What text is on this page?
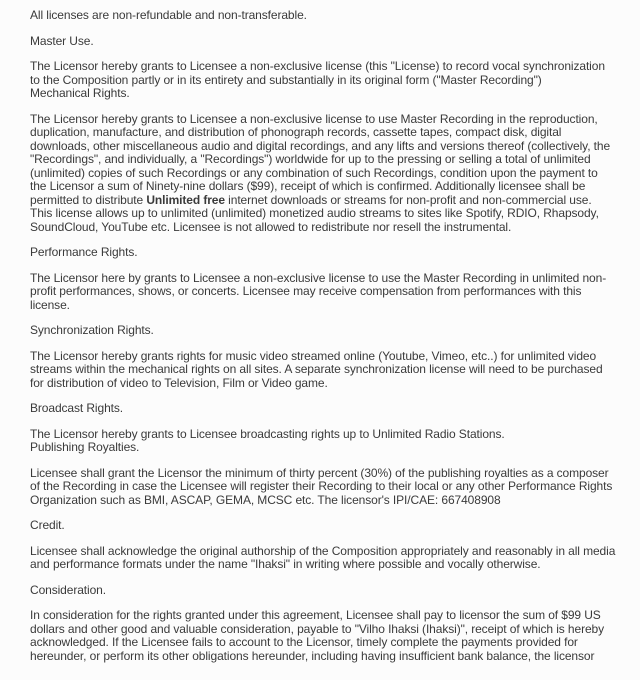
All licenses are non-refundable and non-transferable.

Master Use.

The Licensor hereby grants to Licensee a non-exclusive license (this "License) to record vocal synchronization to the Composition partly or in its entirety and substantially in its original form ("Master Recording")
Mechanical Rights.

The Licensor hereby grants to Licensee a non-exclusive license to use Master Recording in the reproduction, duplication, manufacture, and distribution of phonograph records, cassette tapes, compact disk, digital downloads, other miscellaneous audio and digital recordings, and any lifts and versions thereof (collectively, the "Recordings", and individually, a "Recordings") worldwide for up to the pressing or selling a total of unlimited (unlimited) copies of such Recordings or any combination of such Recordings, condition upon the payment to the Licensor a sum of Ninety-nine dollars ($99), receipt of which is confirmed. Additionally licensee shall be permitted to distribute Unlimited free internet downloads or streams for non-profit and non-commercial use. This license allows up to unlimited (unlimited) monetized audio streams to sites like Spotify, RDIO, Rhapsody, SoundCloud, YouTube etc. Licensee is not allowed to redistribute nor resell the instrumental.

Performance Rights.

The Licensor here by grants to Licensee a non-exclusive license to use the Master Recording in unlimited non-profit performances, shows, or concerts. Licensee may receive compensation from performances with this license.

Synchronization Rights.

The Licensor hereby grants rights for music video streamed online (Youtube, Vimeo, etc..) for unlimited video streams within the mechanical rights on all sites. A separate synchronization license will need to be purchased for distribution of video to Television, Film or Video game.

Broadcast Rights.

The Licensor hereby grants to Licensee broadcasting rights up to Unlimited Radio Stations.
Publishing Royalties.

Licensee shall grant the Licensor the minimum of thirty percent (30%) of the publishing royalties as a composer of the Recording in case the Licensee will register their Recording to their local or any other Performance Rights Organization such as BMI, ASCAP, GEMA, MCSC etc. The licensor's IPI/CAE: 667408908

Credit.

Licensee shall acknowledge the original authorship of the Composition appropriately and reasonably in all media and performance formats under the name "Ihaksi" in writing where possible and vocally otherwise.

Consideration.

In consideration for the rights granted under this agreement, Licensee shall pay to licensor the sum of $99 US dollars and other good and valuable consideration, payable to "Vilho Ihaksi (Ihaksi)", receipt of which is hereby acknowledged. If the Licensee fails to account to the Licensor, timely complete the payments provided for hereunder, or perform its other obligations hereunder, including having insufficient bank balance, the licensor
